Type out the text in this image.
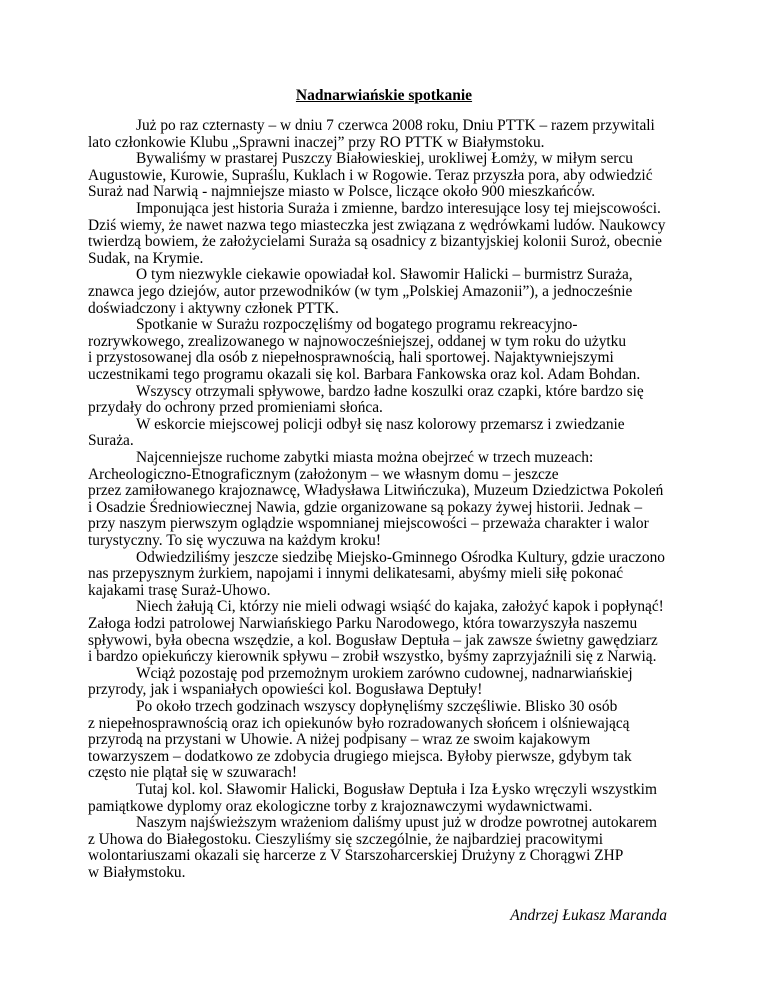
Nadnarwiańskie spotkanie

Już po raz czternasty – w dniu 7 czerwca 2008 roku, Dniu PTTK – razem przywitali

lato członkowie Klubu „Sprawni inaczej” przy RO PTTK w Białymstoku.

Bywaliśmy w prastarej Puszczy Białowieskiej, urokliwej Łomży, w miłym sercu

Augustowie, Kurowie, Supraślu, Kuklach i w Rogowie. Teraz przyszła pora, aby odwiedzić

Suraż nad Narwią - najmniejsze miasto w Polsce, liczące około 900 mieszkańców.

Imponująca jest historia Suraża i zmienne, bardzo interesujące losy tej miejscowości.

Dziś wiemy, że nawet nazwa tego miasteczka jest związana z wędrówkami ludów. Naukowcy

twierdzą bowiem, że założycielami Suraża są osadnicy z bizantyjskiej kolonii Suroż, obecnie

Sudak, na Krymie.

O tym niezwykle ciekawie opowiadał kol. Sławomir Halicki – burmistrz Suraża,

znawca jego dziejów, autor przewodników (w tym „Polskiej Amazonii”), a jednocześnie

doświadczony i aktywny członek PTTK.

Spotkanie w Surażu rozpoczęliśmy od bogatego programu rekreacyjno-

rozrywkowego, zrealizowanego w najnowocześniejszej, oddanej w tym roku do użytku

i przystosowanej dla osób z niepełnosprawnością, hali sportowej. Najaktywniejszymi

uczestnikami tego programu okazali się kol. Barbara Fankowska oraz kol. Adam Bohdan.

Wszyscy otrzymali spływowe, bardzo ładne koszulki oraz czapki, które bardzo się

przydały do ochrony przed promieniami słońca.

W eskorcie miejscowej policji odbył się nasz kolorowy przemarsz i zwiedzanie

Suraża.

Najcenniejsze ruchome zabytki miasta można obejrzeć w trzech muzeach:

Archeologiczno-Etnograficznym (założonym – we własnym domu – jeszcze

przez zamiłowanego krajoznawcę, Władysława Litwińczuka), Muzeum Dziedzictwa Pokoleń

i Osadzie Średniowiecznej Nawia, gdzie organizowane są pokazy żywej historii. Jednak –

przy naszym pierwszym oglądzie wspomnianej miejscowości – przeważa charakter i walor

turystyczny. To się wyczuwa na każdym kroku!

Odwiedziliśmy jeszcze siedzibę Miejsko-Gminnego Ośrodka Kultury, gdzie uraczono

nas przepysznym żurkiem, napojami i innymi delikatesami, abyśmy mieli siłę pokonać

kajakami trasę Suraż-Uhowo.

Niech żałują Ci, którzy nie mieli odwagi wsiąść do kajaka, założyć kapok i popłynąć!

Załoga łodzi patrolowej Narwiańskiego Parku Narodowego, która towarzyszyła naszemu

spływowi, była obecna wszędzie, a kol. Bogusław Deptuła – jak zawsze świetny gawędziarz

i bardzo opiekuńczy kierownik spływu – zrobił wszystko, byśmy zaprzyjaźnili się z Narwią.

Wciąż pozostaję pod przemożnym urokiem zarówno cudownej, nadnarwiańskiej

przyrody, jak i wspaniałych opowieści kol. Bogusława Deptuły!

Po około trzech godzinach wszyscy dopłynęliśmy szczęśliwie. Blisko 30 osób

z niepełnosprawnością oraz ich opiekunów było rozradowanych słońcem i olśniewającą

przyrodą na przystani w Uhowie. A niżej podpisany – wraz ze swoim kajakowym

towarzyszem – dodatkowo ze zdobycia drugiego miejsca. Byłoby pierwsze, gdybym tak

często nie plątał się w szuwarach!

Tutaj kol. kol. Sławomir Halicki, Bogusław Deptuła i Iza Łysko wręczyli wszystkim

pamiątkowe dyplomy oraz ekologiczne torby z krajoznawczymi wydawnictwami.

Naszym najświeższym wrażeniom daliśmy upust już w drodze powrotnej autokarem

z Uhowa do Białegostoku. Cieszyliśmy się szczególnie, że najbardziej pracowitymi

wolontariuszami okazali się harcerze z V Starszoharcerskiej Drużyny z Chorągwi ZHP

w Białymstoku.

Andrzej Łukasz Maranda
